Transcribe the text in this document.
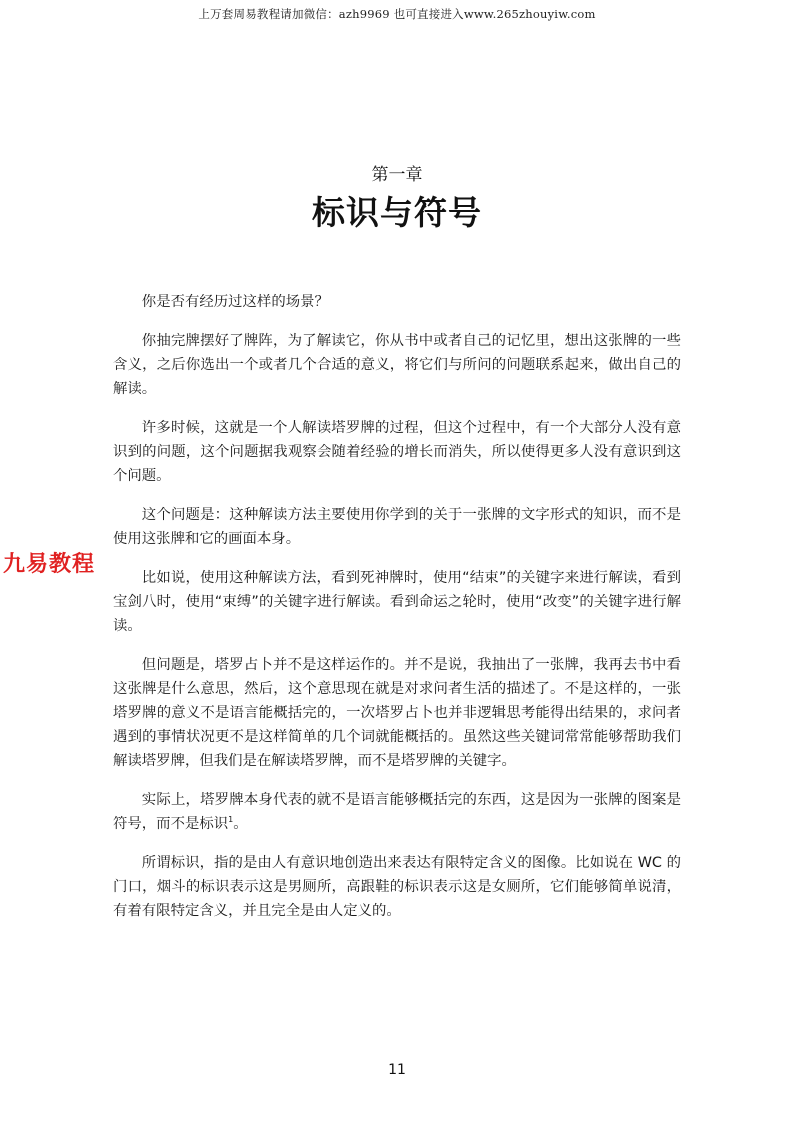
上万套周易教程请加微信：azh9969 也可直接进入www.265zhouyiw.com
第一章
标识与符号

你是否有经历过这样的场景？

你抽完牌摆好了牌阵，为了解读它，你从书中或者自己的记忆里，想出这张牌的一些含义，之后你选出一个或者几个合适的意义，将它们与所问的问题联系起来，做出自己的解读。

许多时候，这就是一个人解读塔罗牌的过程，但这个过程中，有一个大部分人没有意识到的问题，这个问题据我观察会随着经验的增长而消失，所以使得更多人没有意识到这个问题。

这个问题是：这种解读方法主要使用你学到的关于一张牌的文字形式的知识，而不是使用这张牌和它的画面本身。

比如说，使用这种解读方法，看到死神牌时，使用“结束”的关键字来进行解读，看到宝剑八时，使用“束缚”的关键字进行解读。看到命运之轮时，使用“改变”的关键字进行解读。

但问题是，塔罗占卜并不是这样运作的。并不是说，我抽出了一张牌，我再去书中看这张牌是什么意思，然后，这个意思现在就是对求问者生活的描述了。不是这样的，一张塔罗牌的意义不是语言能概括完的，一次塔罗占卜也并非逻辑思考能得出结果的，求问者遇到的事情状况更不是这样简单的几个词就能概括的。虽然这些关键词常常能够帮助我们解读塔罗牌，但我们是在解读塔罗牌，而不是塔罗牌的关键字。

实际上，塔罗牌本身代表的就不是语言能够概括完的东西，这是因为一张牌的图案是符号，而不是标识$^1$。

所谓标识，指的是由人有意识地创造出来表达有限特定含义的图像。比如说在 WC 的门口，烟斗的标识表示这是男厕所，高跟鞋的标识表示这是女厕所，它们能够简单说清，有着有限特定含义，并且完全是由人定义的。

九易教程
11
